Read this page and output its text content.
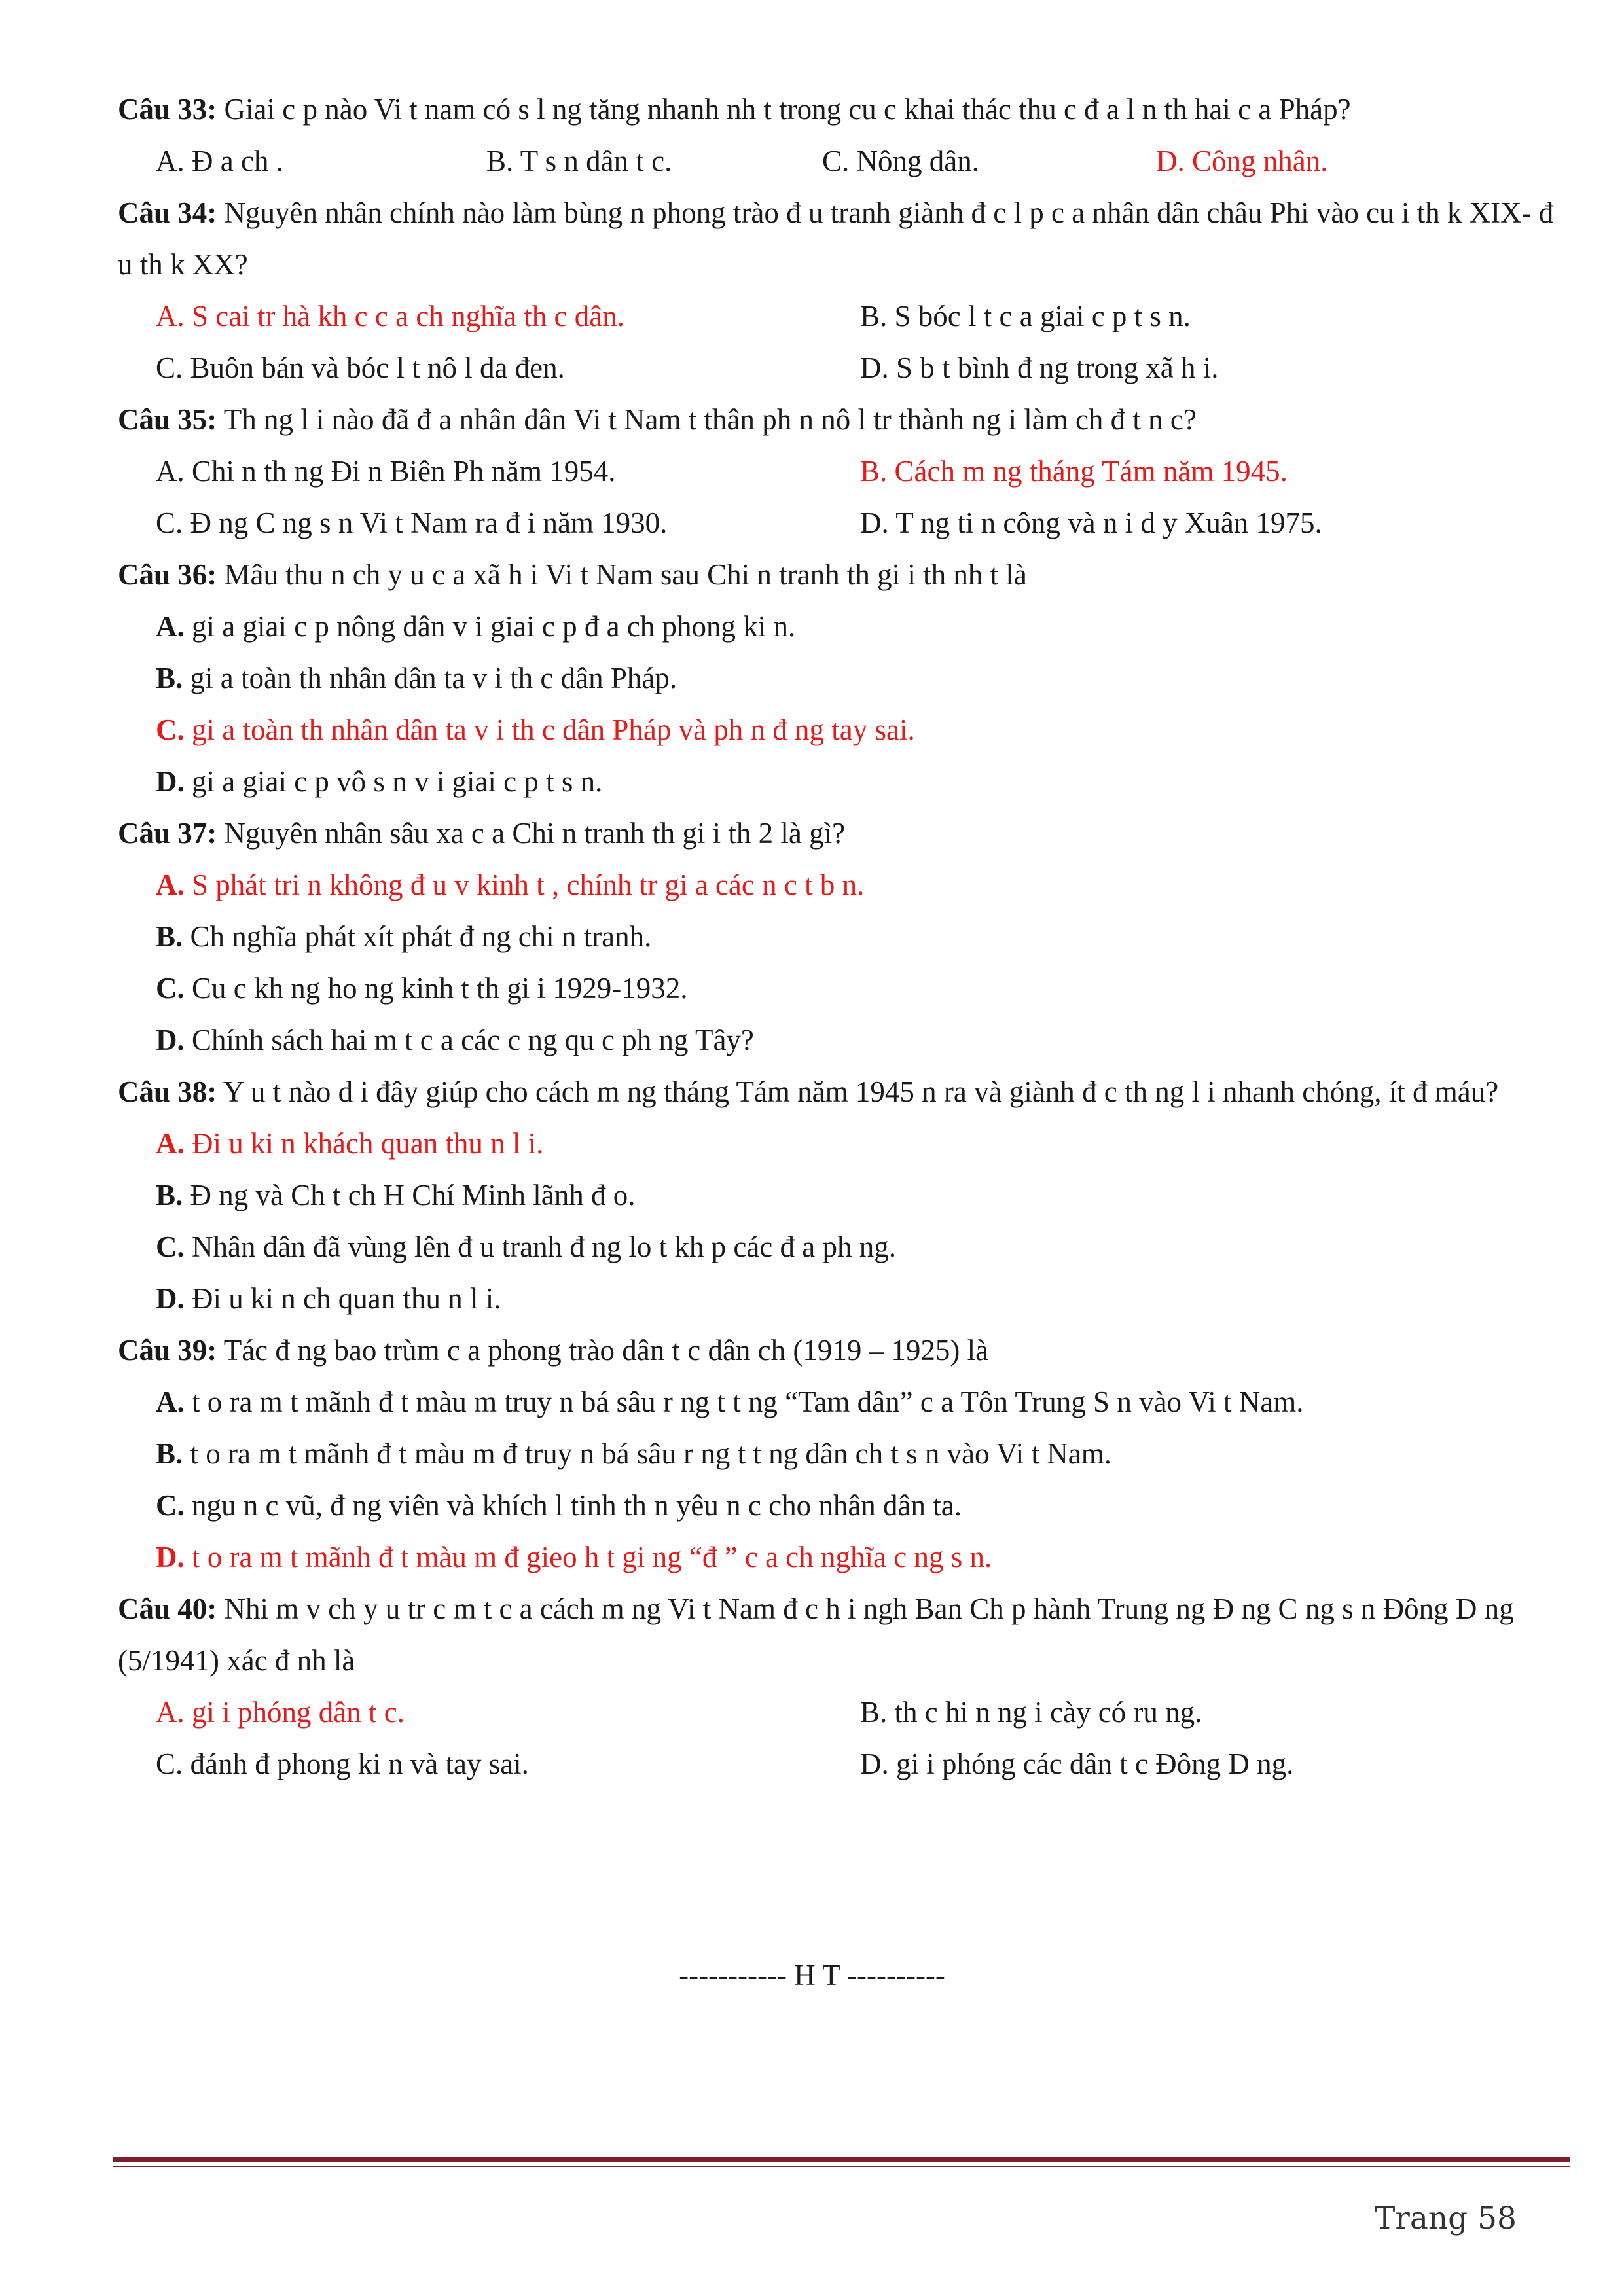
Câu 33: Giai c p nào Vi t nam có s l ng tăng nhanh nh t trong cu c khai thác thu c đ a l n th hai c a Pháp?
A. Đ a ch .	B. T s n dân t c.	C. Nông dân.	D. Công nhân.
Câu 34: Nguyên nhân chính nào làm bùng n phong trào đ u tranh giành đ c l p c a nhân dân châu Phi vào cu i th k XIX- đ u th k XX?
A. S cai tr hà kh c c a ch nghĩa th c dân.	B. S bóc l t c a giai c p t s n.
C. Buôn bán và bóc l t nô l da đen.	D. S b t bình đ ng trong xã h i.
Câu 35: Th ng l i nào đã đ a nhân dân Vi t Nam t thân ph n nô l tr thành ng i làm ch đ t n c?
A. Chi n th ng Đi n Biên Ph năm 1954.	B. Cách m ng tháng Tám năm 1945.
C. Đ ng C ng s n Vi t Nam ra đ i năm 1930.	D. T ng ti n công và n i d y Xuân 1975.
Câu 36: Mâu thu n ch y u c a xã h i Vi t Nam sau Chi n tranh th gi i th nh t là
A. gi a giai c p nông dân v i giai c p đ a ch phong ki n.
B. gi a toàn th nhân dân ta v i th c dân Pháp.
C. gi a toàn th nhân dân ta v i th c dân Pháp và ph n đ ng tay sai.
D. gi a giai c p vô s n v i giai c p t s n.
Câu 37: Nguyên nhân sâu xa c a Chi n tranh th gi i th 2 là gì?
A. S phát tri n không đ u v kinh t , chính tr gi a các n c t b n.
B. Ch nghĩa phát xít phát đ ng chi n tranh.
C. Cu c kh ng ho ng kinh t th gi i 1929-1932.
D. Chính sách hai m t c a các c ng qu c ph ng Tây?
Câu 38: Y u t nào d i đây giúp cho cách m ng tháng Tám năm 1945 n ra và giành đ c th ng l i nhanh chóng, ít đ máu?
A. Đi u ki n khách quan thu n l i.
B. Đ ng và Ch t ch H Chí Minh lãnh đ o.
C. Nhân dân đã vùng lên đ u tranh đ ng lo t kh p các đ a ph ng.
D. Đi u ki n ch quan thu n l i.
Câu 39: Tác đ ng bao trùm c a phong trào dân t c dân ch (1919 – 1925) là
A. t o ra m t mãnh đ t màu m truy n bá sâu r ng t t ng “Tam dân” c a Tôn Trung S n vào Vi t Nam.
B. t o ra m t mãnh đ t màu m đ truy n bá sâu r ng t t ng dân ch t s n vào Vi t Nam.
C. ngu n c vũ, đ ng viên và khích l tinh th n yêu n c cho nhân dân ta.
D. t o ra m t mãnh đ t màu m đ gieo h t gi ng “đ ” c a ch nghĩa c ng s n.
Câu 40: Nhi m v ch y u tr c m t c a cách m ng Vi t Nam đ c h i ngh Ban Ch p hành Trung ng Đ ng C ng s n Đông D ng (5/1941) xác đ nh là
A. gi i phóng dân t c.	B. th c hi n ng i cày có ru ng.
C. đánh đ phong ki n và tay sai.	D. gi i phóng các dân t c Đông D ng.
----------- H T ----------
Trang 58
